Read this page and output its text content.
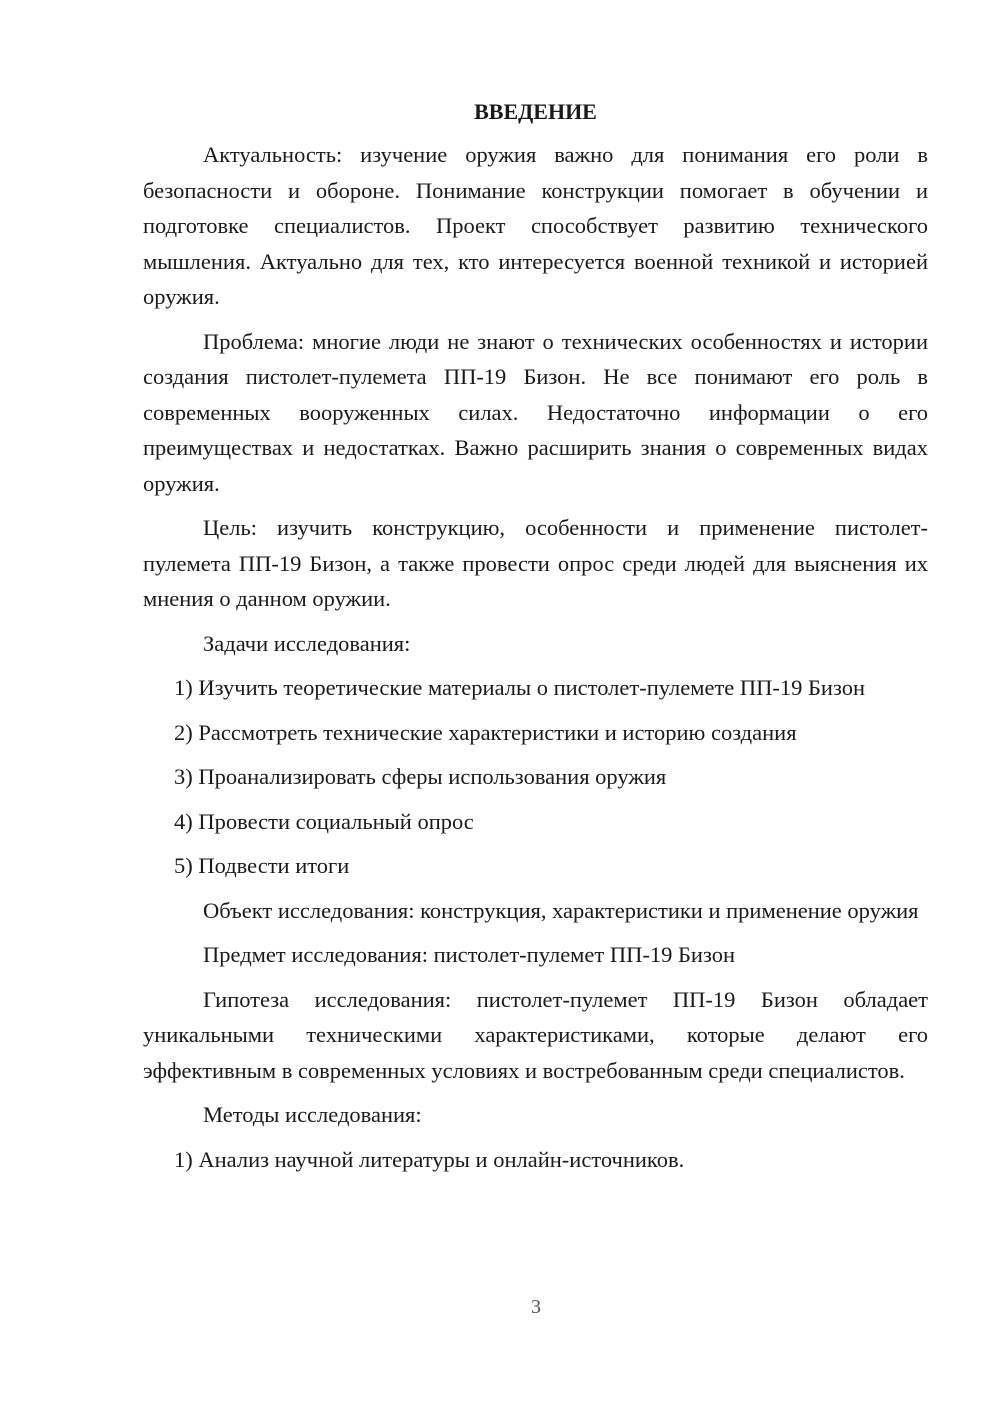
ВВЕДЕНИЕ

Актуальность: изучение оружия важно для понимания его роли в безопасности и обороне. Понимание конструкции помогает в обучении и подготовке специалистов. Проект способствует развитию технического мышления. Актуально для тех, кто интересуется военной техникой и историей оружия.

Проблема: многие люди не знают о технических особенностях и истории создания пистолет-пулемета ПП-19 Бизон. Не все понимают его роль в современных вооруженных силах. Недостаточно информации о его преимуществах и недостатках. Важно расширить знания о современных видах оружия.

Цель: изучить конструкцию, особенности и применение пистолет-пулемета ПП-19 Бизон, а также провести опрос среди людей для выяснения их мнения о данном оружии.

Задачи исследования:

1) Изучить теоретические материалы о пистолет-пулемете ПП-19 Бизон

2) Рассмотреть технические характеристики и историю создания

3) Проанализировать сферы использования оружия

4) Провести социальный опрос

5) Подвести итоги

Объект исследования: конструкция, характеристики и применение оружия

Предмет исследования: пистолет-пулемет ПП-19 Бизон

Гипотеза исследования: пистолет-пулемет ПП-19 Бизон обладает уникальными техническими характеристиками, которые делают его эффективным в современных условиях и востребованным среди специалистов.

Методы исследования:

1) Анализ научной литературы и онлайн-источников.

3
